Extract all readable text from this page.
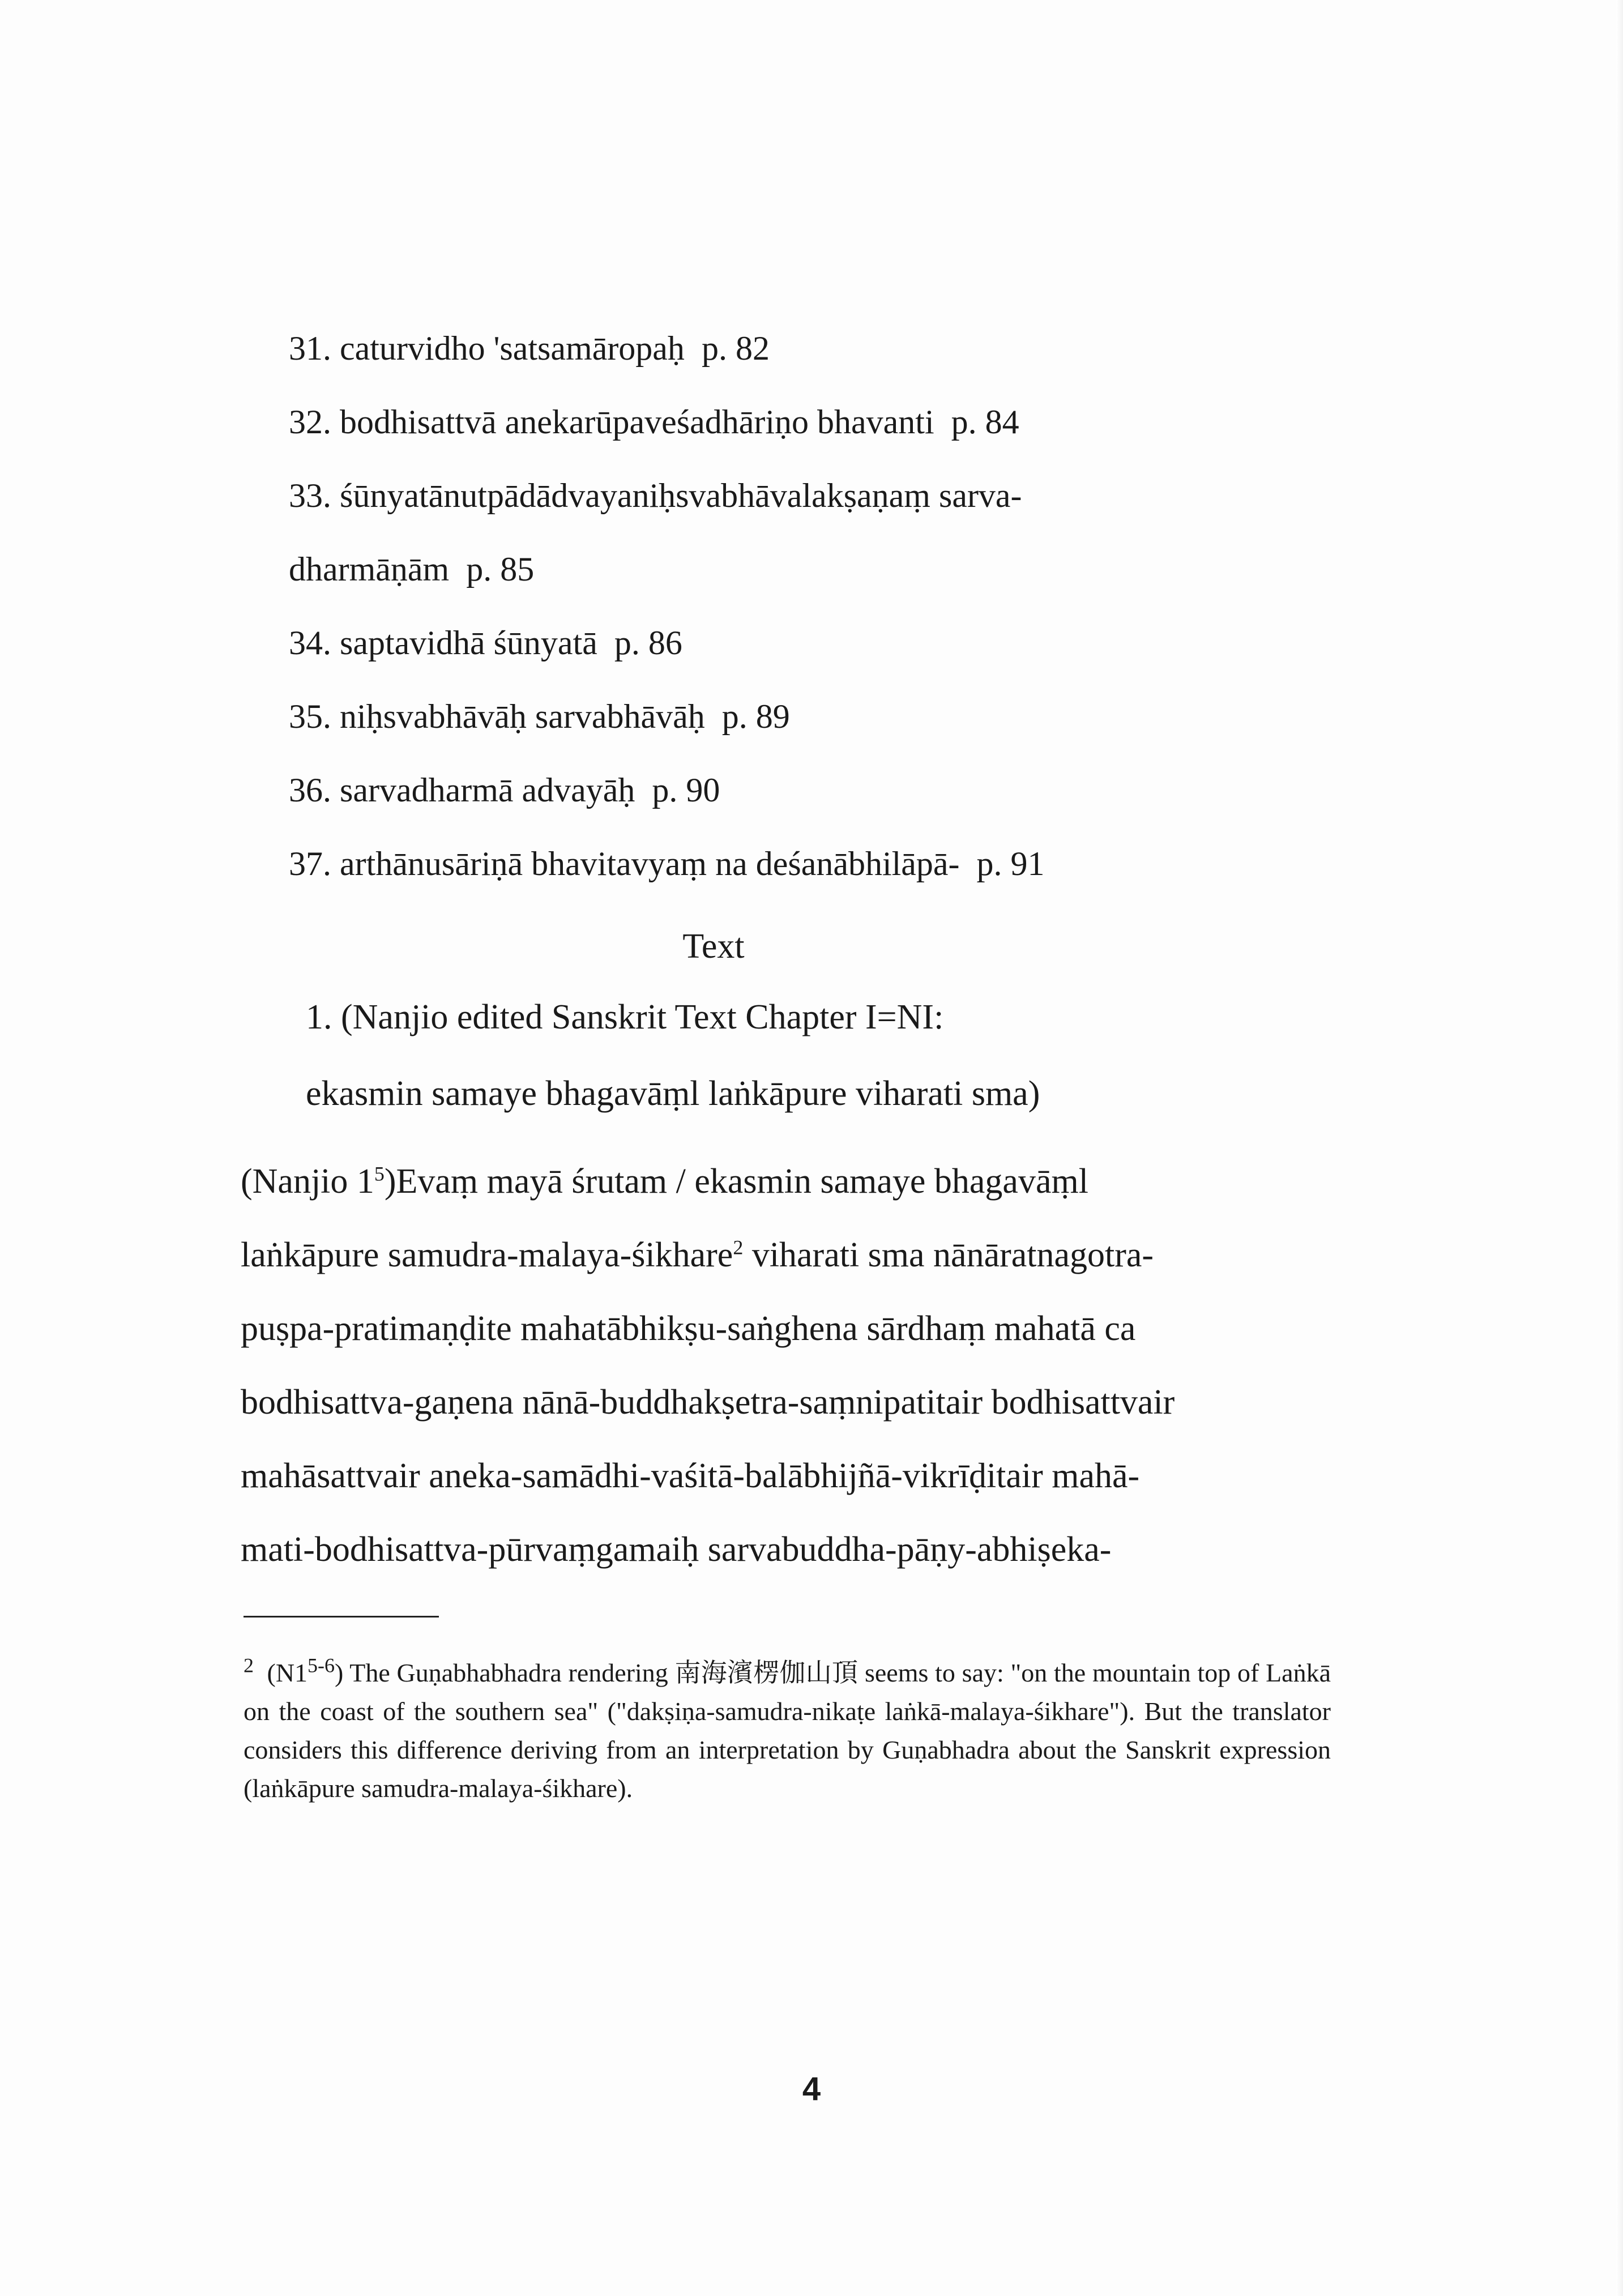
31. caturvidho 'satsamāropaḥ p. 82
32. bodhisattvā anekarūpaveśadhāriṇo bhavanti p. 84
33. śūnyatānutpādādvayaniḥsvabhāvalakṣaṇaṃ sarva-
dharmāṇām p. 85
34. saptavidhā śūnyatā p. 86
35. niḥsvabhāvāḥ sarvabhāvāḥ p. 89
36. sarvadharmā advayāḥ p. 90
37. arthānusāriṇā bhavitavyaṃ na deśanābhilāpā- p. 91
Text
1. (Nanjio edited Sanskrit Text Chapter I=NI:
ekasmin samaye bhagavāṃl laṅkāpure viharati sma)
(Nanjio $1^5)Evaṃ$ mayā śrutam / ekasmin samaye bhagavāṃl
laṅkāpure samudra-malaya-śikhare$^2$ viharati sma nānāratnagotra-
puṣpa-pratimaṇḍite mahatābhikṣu-saṅghena sārdhaṃ mahatā ca
bodhisattva-gaṇena nānā-buddhakṣetra-saṃnipatitair bodhisattvair
mahāsattvair aneka-samādhi-vaśitā-balābhijñā-vikrīḍitair mahā-
mati-bodhisattva-pūrvaṃgamaiḥ sarvabuddha-pāṇy-abhiṣeka-
$^2$ (N1$^{5-6}$) The Guṇabhabhadra rendering 南海濱楞伽山頂 seems to say: "on the mountain top of Laṅkā on the coast of the southern sea" ("dakṣiṇa-samudra-nikaṭe laṅkā-malaya-śikhare"). But the translator considers this difference deriving from an interpretation by Guṇabhadra about the Sanskrit expression (laṅkāpure samudra-malaya-śikhare).
4
